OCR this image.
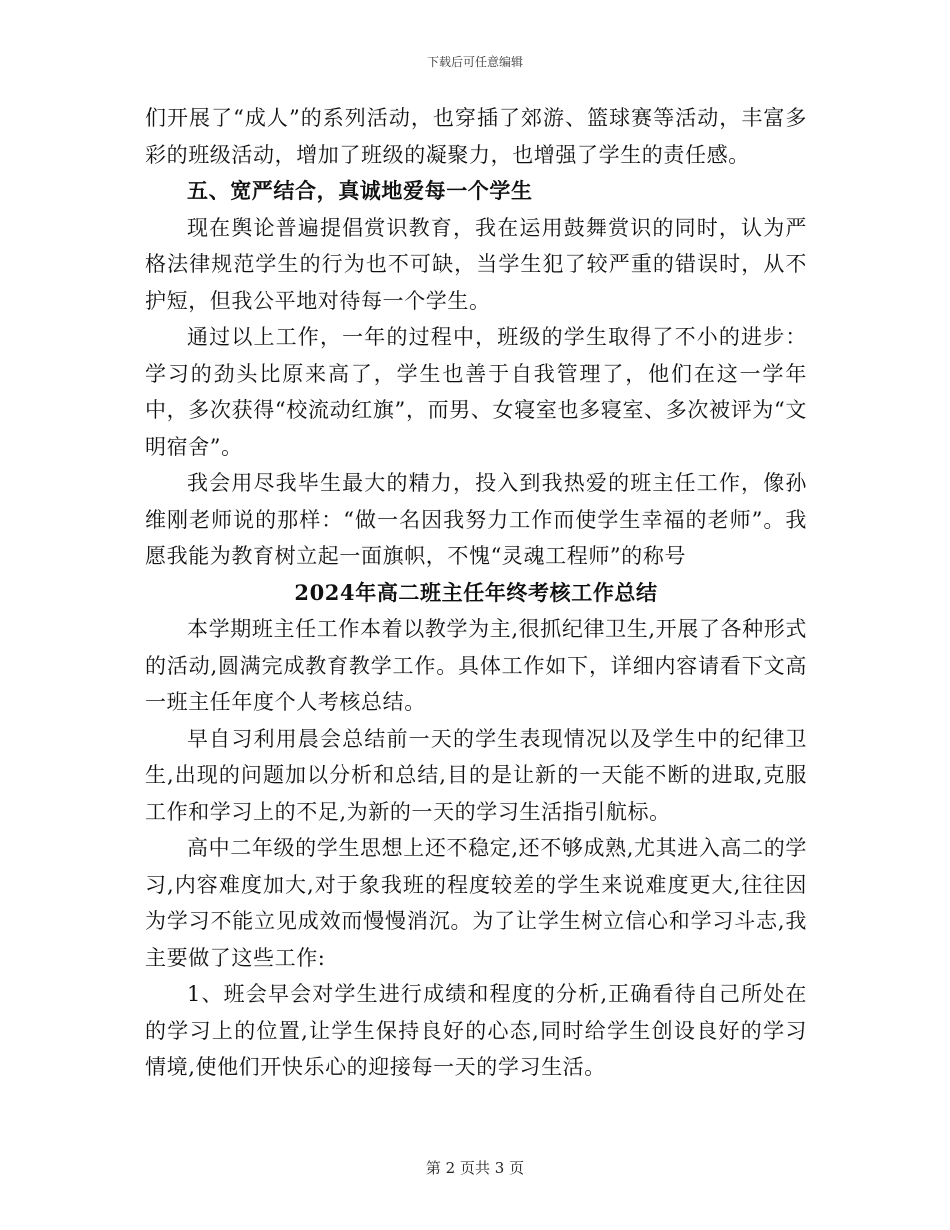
下载后可任意编辑

们开展了“成人”的系列活动，也穿插了郊游、篮球赛等活动，丰富多彩的班级活动，增加了班级的凝聚力，也增强了学生的责任感。

五、宽严结合，真诚地爱每一个学生

现在舆论普遍提倡赏识教育，我在运用鼓舞赏识的同时，认为严格法律规范学生的行为也不可缺，当学生犯了较严重的错误时，从不护短，但我公平地对待每一个学生。

通过以上工作，一年的过程中，班级的学生取得了不小的进步：学习的劲头比原来高了，学生也善于自我管理了，他们在这一学年中，多次获得“校流动红旗”，而男、女寝室也多寝室、多次被评为“文明宿舍”。

我会用尽我毕生最大的精力，投入到我热爱的班主任工作，像孙维刚老师说的那样：“做一名因我努力工作而使学生幸福的老师”。我愿我能为教育树立起一面旗帜，不愧“灵魂工程师”的称号

2024年高二班主任年终考核工作总结

本学期班主任工作本着以教学为主,很抓纪律卫生,开展了各种形式的活动,圆满完成教育教学工作。具体工作如下，详细内容请看下文高一班主任年度个人考核总结。

早自习利用晨会总结前一天的学生表现情况以及学生中的纪律卫生,出现的问题加以分析和总结,目的是让新的一天能不断的进取,克服工作和学习上的不足,为新的一天的学习生活指引航标。

高中二年级的学生思想上还不稳定,还不够成熟,尤其进入高二的学习,内容难度加大,对于象我班的程度较差的学生来说难度更大,往往因为学习不能立见成效而慢慢消沉。为了让学生树立信心和学习斗志,我主要做了这些工作:

1、班会早会对学生进行成绩和程度的分析,正确看待自己所处在的学习上的位置,让学生保持良好的心态,同时给学生创设良好的学习情境,使他们开快乐心的迎接每一天的学习生活。

第 2 页共 3 页
